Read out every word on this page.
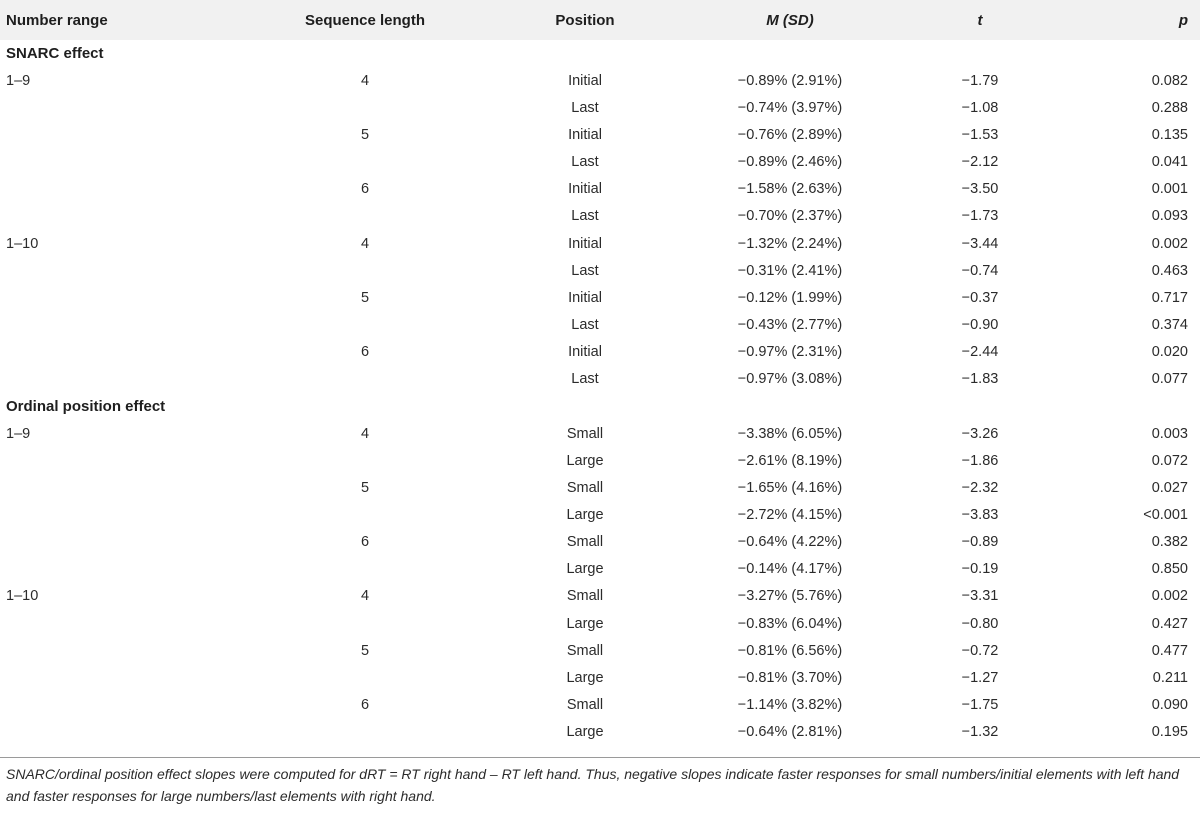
Number range	Sequence length	Position	M (SD)	t	p
SNARC effect					
1–9	4	Initial	−0.89% (2.91%)	−1.79	0.082
		Last	−0.74% (3.97%)	−1.08	0.288
	5	Initial	−0.76% (2.89%)	−1.53	0.135
		Last	−0.89% (2.46%)	−2.12	0.041
	6	Initial	−1.58% (2.63%)	−3.50	0.001
		Last	−0.70% (2.37%)	−1.73	0.093
1–10	4	Initial	−1.32% (2.24%)	−3.44	0.002
		Last	−0.31% (2.41%)	−0.74	0.463
	5	Initial	−0.12% (1.99%)	−0.37	0.717
		Last	−0.43% (2.77%)	−0.90	0.374
	6	Initial	−0.97% (2.31%)	−2.44	0.020
		Last	−0.97% (3.08%)	−1.83	0.077
Ordinal position effect					
1–9	4	Small	−3.38% (6.05%)	−3.26	0.003
		Large	−2.61% (8.19%)	−1.86	0.072
	5	Small	−1.65% (4.16%)	−2.32	0.027
		Large	−2.72% (4.15%)	−3.83	<0.001
	6	Small	−0.64% (4.22%)	−0.89	0.382
		Large	−0.14% (4.17%)	−0.19	0.850
1–10	4	Small	−3.27% (5.76%)	−3.31	0.002
		Large	−0.83% (6.04%)	−0.80	0.427
	5	Small	−0.81% (6.56%)	−0.72	0.477
		Large	−0.81% (3.70%)	−1.27	0.211
	6	Small	−1.14% (3.82%)	−1.75	0.090
		Large	−0.64% (2.81%)	−1.32	0.195
SNARC/ordinal position effect slopes were computed for dRT = RT right hand – RT left hand. Thus, negative slopes indicate faster responses for small numbers/initial elements with left hand and faster responses for large numbers/last elements with right hand.
